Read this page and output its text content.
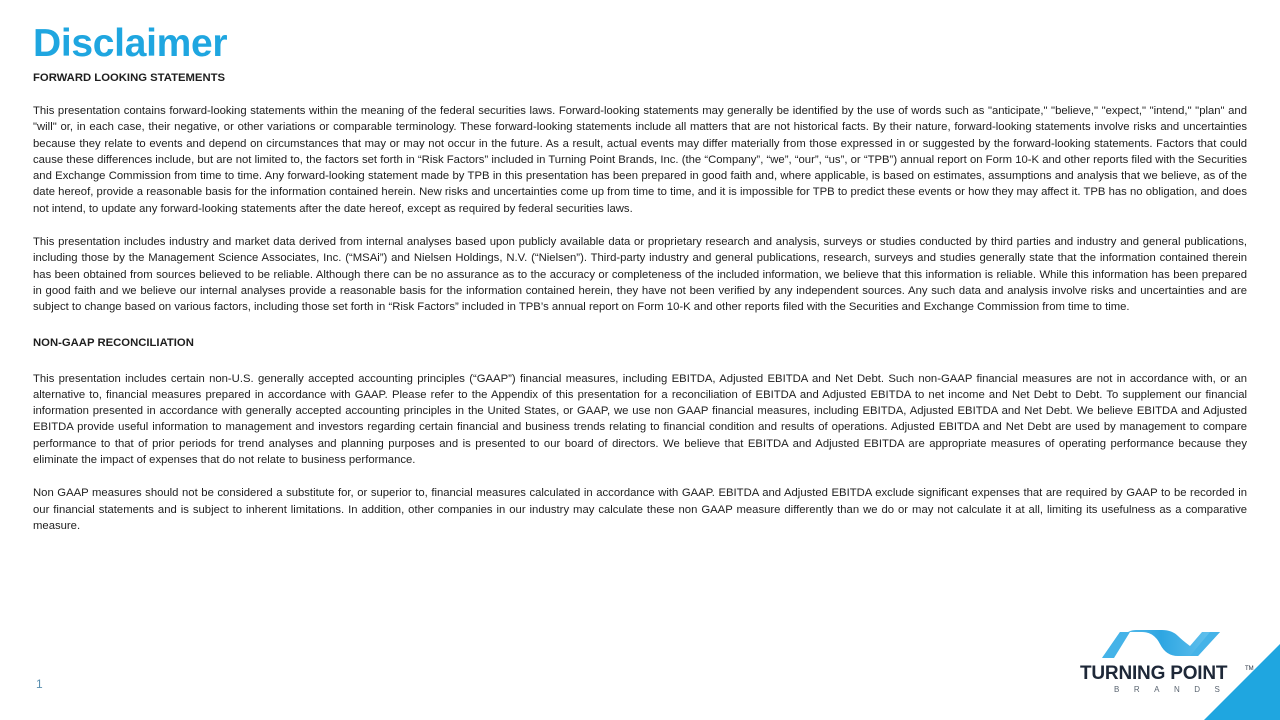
Disclaimer
FORWARD LOOKING STATEMENTS

This presentation contains forward-looking statements within the meaning of the federal securities laws. Forward-looking statements may generally be identified by the use of words such as "anticipate," "believe," "expect," "intend," "plan" and "will" or, in each case, their negative, or other variations or comparable terminology. These forward-looking statements include all matters that are not historical facts. By their nature, forward-looking statements involve risks and uncertainties because they relate to events and depend on circumstances that may or may not occur in the future. As a result, actual events may differ materially from those expressed in or suggested by the forward-looking statements. Factors that could cause these differences include, but are not limited to, the factors set forth in “Risk Factors” included in Turning Point Brands, Inc. (the “Company”, “we”, “our”, “us”, or “TPB”) annual report on Form 10-K and other reports filed with the Securities and Exchange Commission from time to time. Any forward-looking statement made by TPB in this presentation has been prepared in good faith and, where applicable, is based on estimates, assumptions and analysis that we believe, as of the date hereof, provide a reasonable basis for the information contained herein. New risks and uncertainties come up from time to time, and it is impossible for TPB to predict these events or how they may affect it. TPB has no obligation, and does not intend, to update any forward-looking statements after the date hereof, except as required by federal securities laws.

This presentation includes industry and market data derived from internal analyses based upon publicly available data or proprietary research and analysis, surveys or studies conducted by third parties and industry and general publications, including those by the Management Science Associates, Inc. (“MSAi”) and Nielsen Holdings, N.V. (“Nielsen”). Third-party industry and general publications, research, surveys and studies generally state that the information contained therein has been obtained from sources believed to be reliable. Although there can be no assurance as to the accuracy or completeness of the included information, we believe that this information is reliable. While this information has been prepared in good faith and we believe our internal analyses provide a reasonable basis for the information contained herein, they have not been verified by any independent sources. Any such data and analysis involve risks and uncertainties and are subject to change based on various factors, including those set forth in “Risk Factors” included in TPB’s annual report on Form 10-K and other reports filed with the Securities and Exchange Commission from time to time.

NON-GAAP RECONCILIATION

This presentation includes certain non-U.S. generally accepted accounting principles (“GAAP”) financial measures, including EBITDA, Adjusted EBITDA and Net Debt. Such non-GAAP financial measures are not in accordance with, or an alternative to, financial measures prepared in accordance with GAAP. Please refer to the Appendix of this presentation for a reconciliation of EBITDA and Adjusted EBITDA to net income and Net Debt to Debt. To supplement our financial information presented in accordance with generally accepted accounting principles in the United States, or GAAP, we use non GAAP financial measures, including EBITDA, Adjusted EBITDA and Net Debt. We believe EBITDA and Adjusted EBITDA provide useful information to management and investors regarding certain financial and business trends relating to financial condition and results of operations. Adjusted EBITDA and Net Debt are used by management to compare performance to that of prior periods for trend analyses and planning purposes and is presented to our board of directors. We believe that EBITDA and Adjusted EBITDA are appropriate measures of operating performance because they eliminate the impact of expenses that do not relate to business performance.

Non GAAP measures should not be considered a substitute for, or superior to, financial measures calculated in accordance with GAAP. EBITDA and Adjusted EBITDA exclude significant expenses that are required by GAAP to be recorded in our financial statements and is subject to inherent limitations. In addition, other companies in our industry may calculate these non GAAP measure differently than we do or may not calculate it at all, limiting its usefulness as a comparative measure.

1	TURNING POINT	TM
BRANDS
